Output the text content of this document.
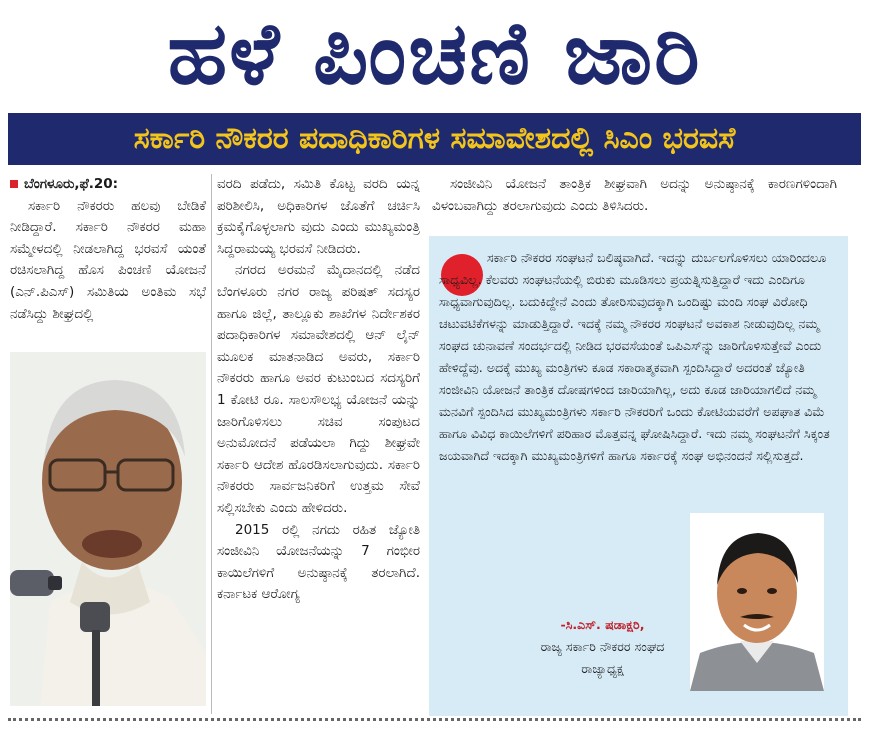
ಹಳೆ ಪಿಂಚಣಿ ಜಾರಿ
ಸರ್ಕಾರಿ ನೌಕರರ ಪದಾಧಿಕಾರಿಗಳ ಸಮಾವೇಶದಲ್ಲಿ ಸಿಎಂ ಭರವಸೆ

ಬೆಂಗಳೂರು,ಫೆ.20:

ಸರ್ಕಾರಿ ನೌಕರರು ಹಲವು ಬೇಡಿಕೆ ನೀಡಿದ್ದಾರೆ. ಸರ್ಕಾರಿ ನೌಕರರ ಮಹಾ ಸಮ್ಮೇಳದಲ್ಲಿ ನೀಡಲಾಗಿದ್ದ ಭರವಸೆ ಯಂತೆ ರಚಿಸಲಾಗಿದ್ದ ಹೊಸ ಪಿಂಚಣಿ ಯೋಜನೆ (ಎನ್.ಪಿಎಸ್) ಸಮಿತಿಯ ಅಂತಿಮ ಸಭೆ ನಡೆಸಿದ್ದು ಶೀಘ್ರದಲ್ಲಿ

ವರದಿ ಪಡೆದು, ಸಮಿತಿ ಕೊಟ್ಟ ವರದಿ ಯನ್ನ ಪರಿಶೀಲಿಸಿ, ಅಧಿಕಾರಿಗಳ ಜೊತೆಗೆ ಚರ್ಚಿಸಿ ಕ್ರಮಕೈಗೊಳ್ಳಲಾಗು ವುದು ಎಂದು ಮುಖ್ಯಮಂತ್ರಿ ಸಿದ್ದರಾಮಯ್ಯ ಭರವಸೆ ನೀಡಿದರು.

ನಗರದ ಅರಮನೆ ಮೈದಾನದಲ್ಲಿ ನಡೆದ ಬೆಂಗಳೂರು ನಗರ ರಾಜ್ಯ ಪರಿಷತ್ ಸದಸ್ಯರ ಹಾಗೂ ಜಿಲ್ಲೆ, ತಾಲ್ಲೂಕು ಶಾಖೆಗಳ ನಿರ್ದೇಶಕರ ಪದಾಧಿಕಾರಿಗಳ ಸಮಾವೇಶದಲ್ಲಿ ಆನ್ ಲೈನ್ ಮೂಲಕ ಮಾತನಾಡಿದ ಅವರು, ಸರ್ಕಾರಿ ನೌಕರರು ಹಾಗೂ ಅವರ ಕುಟುಂಬದ ಸದಸ್ಯರಿಗೆ 1 ಕೋಟಿ ರೂ. ಸಾಲಸೌಲಭ್ಯ ಯೋಜನೆ ಯನ್ನು ಜಾರಿಗೊಳಿಸಲು ಸಚಿವ ಸಂಪುಟದ ಅನುಮೋದನೆ ಪಡೆಯಲಾ ಗಿದ್ದು ಶೀಘ್ರವೇ ಸರ್ಕಾರಿ ಆದೇಶ ಹೊರಡಿಸಲಾಗುವುದು. ಸರ್ಕಾರಿ ನೌಕರರು ಸಾರ್ವಜನಿಕರಿಗೆ ಉತ್ತಮ ಸೇವೆ ಸಲ್ಲಿಸಬೇಕು ಎಂದು ಹೇಳಿದರು.

2015 ರಲ್ಲಿ ನಗದು ರಹಿತ ಜ್ಯೋತಿ ಸಂಜೀವಿನಿ ಯೋಜನೆಯನ್ನು 7 ಗಂಭೀರ ಕಾಯಿಲೆಗಳಿಗೆ ಅನುಷ್ಠಾನಕ್ಕೆ ತರಲಾಗಿದೆ. ಕರ್ನಾಟಕ ಆರೋಗ್ಯ

ಸಂಜೀವಿನಿ ಯೋಜನೆ ತಾಂತ್ರಿಕ ಶೀಘ್ರವಾಗಿ ಅದನ್ನು ಅನುಷ್ಠಾನಕ್ಕೆ ಕಾರಣಗಳಿಂದಾಗಿ ವಿಳಂಬವಾಗಿದ್ದು ತರಲಾಗುವುದು ಎಂದು ತಿಳಿಸಿದರು.

ಸರ್ಕಾರಿ ನೌಕರರ ಸಂಘಟನೆ ಬಲಿಷ್ಠವಾಗಿದೆ. ಇದನ್ನು ದುರ್ಬಲಗೊಳಿಸಲು ಯಾರಿಂದಲೂ ಸಾಧ್ಯವಿಲ್ಲ. ಕೆಲವರು ಸಂಘಟನೆಯಲ್ಲಿ ಬಿರುಕು ಮೂಡಿಸಲು ಪ್ರಯತ್ನಿಸುತ್ತಿದ್ದಾರೆ ಇದು ಎಂದಿಗೂ ಸಾಧ್ಯವಾಗುವುದಿಲ್ಲ. ಬದುಕಿದ್ದೇನೆ ಎಂದು ತೋರಿಸುವುದಕ್ಕಾಗಿ ಒಂದಿಷ್ಟು ಮಂದಿ ಸಂಘ ವಿರೋಧಿ ಚಟುವಟಿಕೆಗಳನ್ನು ಮಾಡುತ್ತಿದ್ದಾರೆ. ಇದಕ್ಕೆ ನಮ್ಮ ನೌಕರರ ಸಂಘಟನೆ ಅವಕಾಶ ನೀಡುವುದಿಲ್ಲ ನಮ್ಮ ಸಂಘದ ಚುನಾವಣೆ ಸಂದರ್ಭದಲ್ಲಿ ನೀಡಿದ ಭರವಸೆಯಂತೆ ಒಪಿಎಸ್‌ನ್ನು ಜಾರಿಗೊಳಿಸುತ್ತೇವೆ ಎಂದು ಹೇಳಿದ್ದೆವು. ಅದಕ್ಕೆ ಮುಖ್ಯ ಮಂತ್ರಿಗಳು ಕೂಡ ಸಕಾರಾತ್ಮಕವಾಗಿ ಸ್ಪಂದಿಸಿದ್ದಾರೆ ಅದರಂತೆ ಜ್ಯೋತಿ ಸಂಜೀವಿನಿ ಯೋಜನೆ ತಾಂತ್ರಿಕ ದೋಷಗಳಿಂದ ಜಾರಿಯಾಗಿಲ್ಲ, ಅದು ಕೂಡ ಜಾರಿಯಾಗಲಿದೆ ನಮ್ಮ ಮನವಿಗೆ ಸ್ಪಂದಿಸಿದ ಮುಖ್ಯಮಂತ್ರಿಗಳು ಸರ್ಕಾರಿ ನೌಕರರಿಗೆ ಒಂದು ಕೋಟಿಯವರೆಗೆ ಅಪಘಾತ ವಿಮೆ ಹಾಗೂ ವಿವಿಧ ಕಾಯಿಲೆಗಳಿಗೆ ಪರಿಹಾರ ಮೊತ್ತವನ್ನ ಘೋಷಿಸಿದ್ದಾರೆ. ಇದು ನಮ್ಮ ಸಂಘಟನೆಗೆ ಸಿಕ್ಕಂತ ಜಯವಾಗಿದೆ ಇದಕ್ಕಾಗಿ ಮುಖ್ಯಮಂತ್ರಿಗಳಿಗೆ ಹಾಗೂ ಸರ್ಕಾರಕ್ಕೆ ಸಂಘ ಅಭಿನಂದನೆ ಸಲ್ಲಿಸುತ್ತದೆ.

-ಸಿ.ಎಸ್. ಷಡಾಕ್ಷರಿ,
ರಾಜ್ಯ ಸರ್ಕಾರಿ ನೌಕರರ ಸಂಘದ ರಾಜ್ಯಾಧ್ಯಕ್ಷ
